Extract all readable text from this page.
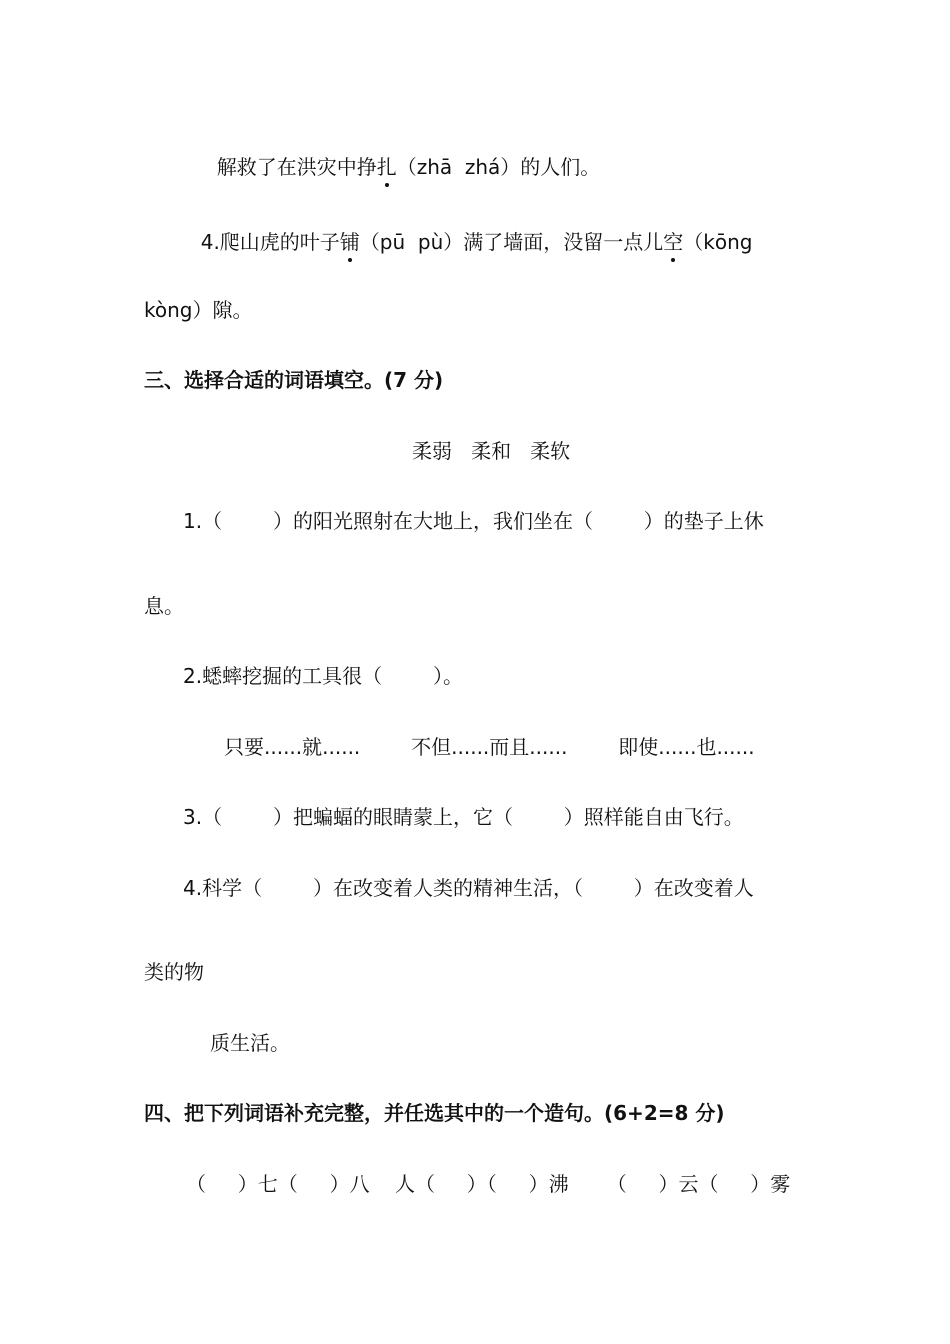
解救了在洪灾中挣扎（zhā  zhá）的人们。

4.爬山虎的叶子铺（pū  pù）满了墙面，没留一点儿空（kōng

kòng）隙。
三、选择合适的词语填空。(7 分)
柔弱   柔和   柔软
1.（        ）的阳光照射在大地上，我们坐在（        ）的垫子上休
息。
2.蟋蟀挖掘的工具很（        ）。
只要......就......        不但......而且......        即使......也......
3.（        ）把蝙蝠的眼睛蒙上，它（        ）照样能自由飞行。
4.科学（        ）在改变着人类的精神生活，（        ）在改变着人
类的物
质生活。
四、把下列词语补充完整，并任选其中的一个造句。(6+2=8 分)
（     ）七（     ）八    人（     ）（     ）沸      （     ）云（     ）雾
